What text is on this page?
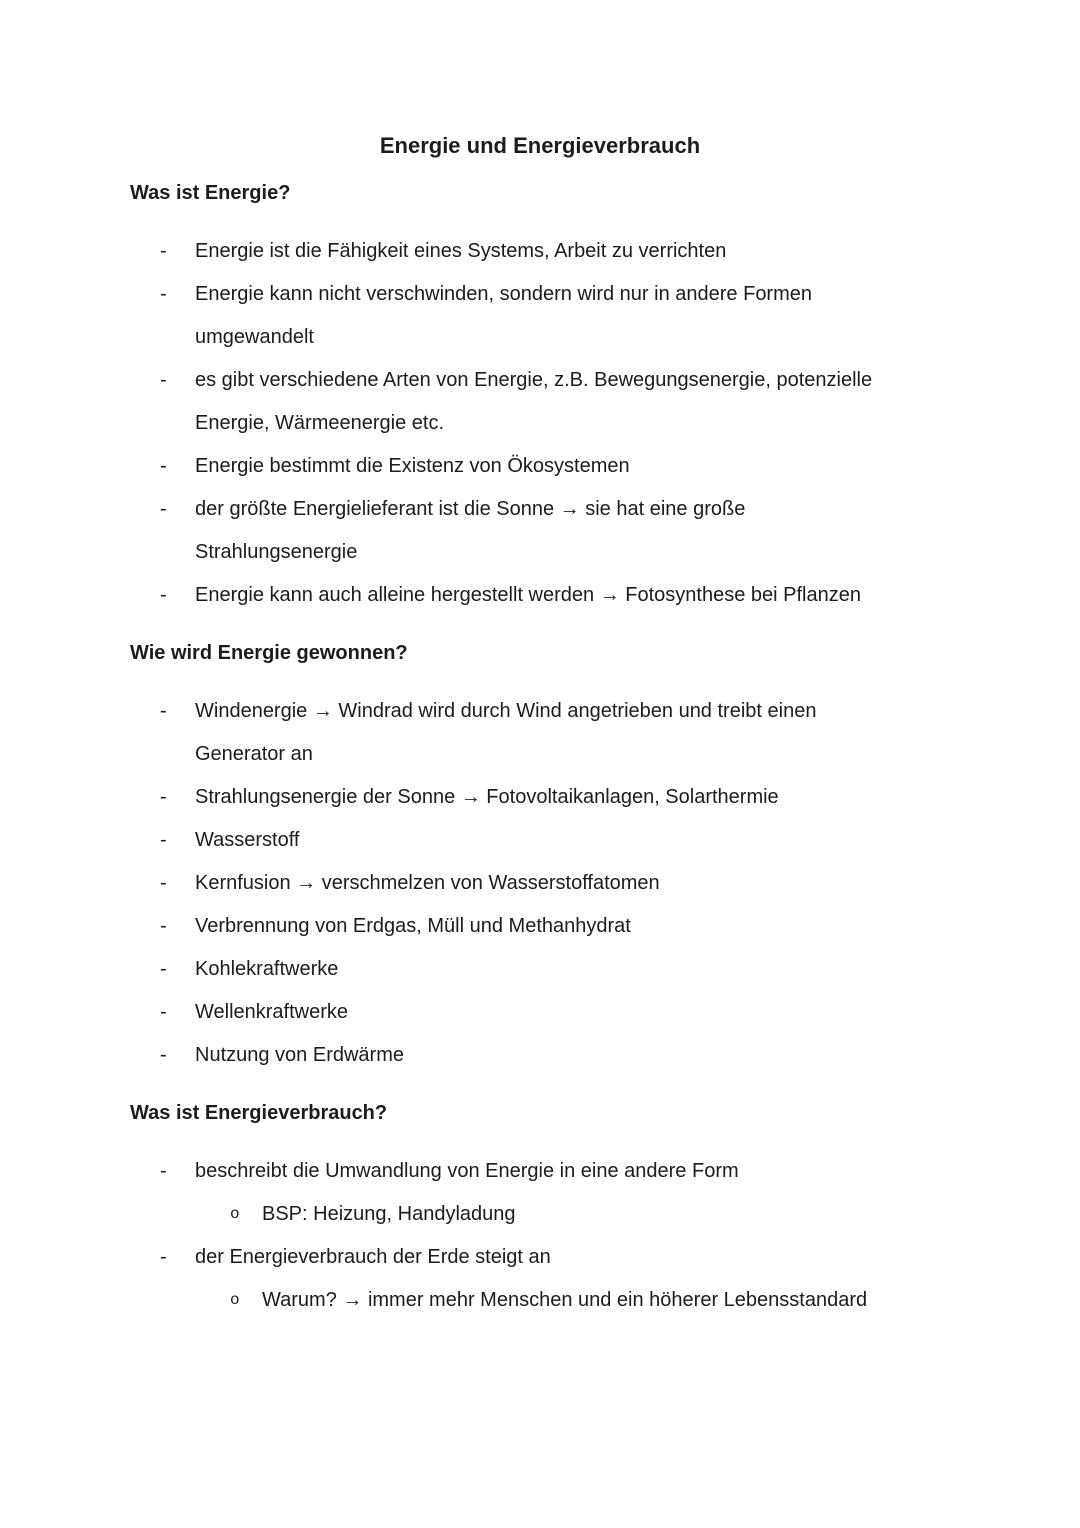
Energie und Energieverbrauch
Was ist Energie?
- Energie ist die Fähigkeit eines Systems, Arbeit zu verrichten
- Energie kann nicht verschwinden, sondern wird nur in andere Formen
umgewandelt
- es gibt verschiedene Arten von Energie, z.B. Bewegungsenergie, potenzielle
Energie, Wärmeenergie etc.
- Energie bestimmt die Existenz von Ökosystemen
- der größte Energielieferant ist die Sonne → sie hat eine große
Strahlungsenergie
- Energie kann auch alleine hergestellt werden → Fotosynthese bei Pflanzen
Wie wird Energie gewonnen?
- Windenergie → Windrad wird durch Wind angetrieben und treibt einen
Generator an
- Strahlungsenergie der Sonne → Fotovoltaikanlagen, Solarthermie
- Wasserstoff
- Kernfusion → verschmelzen von Wasserstoffatomen
- Verbrennung von Erdgas, Müll und Methanhydrat
- Kohlekraftwerke
- Wellenkraftwerke
- Nutzung von Erdwärme
Was ist Energieverbrauch?
- beschreibt die Umwandlung von Energie in eine andere Form
o BSP: Heizung, Handyladung
- der Energieverbrauch der Erde steigt an
o Warum? → immer mehr Menschen und ein höherer Lebensstandard
